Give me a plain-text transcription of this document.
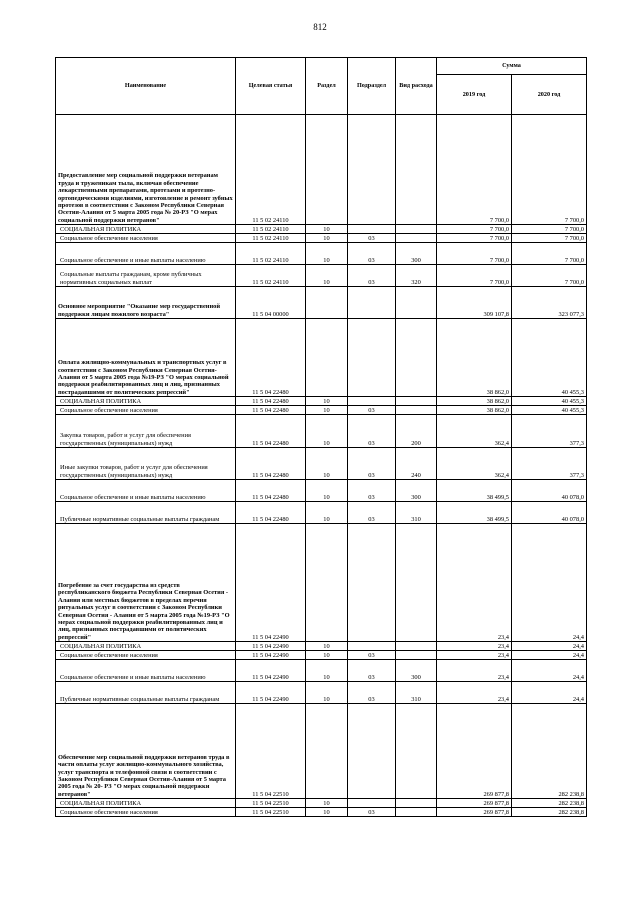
812
Наименование	Целевая статья	Раздел	Подраздел	Вид расхода	Сумма	
					2019 год	2020 год
Предоставление мер социальной поддержки ветеранам труда и труженикам тыла, включая обеспечение лекарственными препаратами, протезами и протезно-ортопедическими изделиями, изготовление и ремонт зубных протезов в соответствии с Законом Республики Северная Осетия-Алания от 5 марта 2005 года № 20-РЗ "О мерах социальной поддержки ветеранов"	11 5 02 24110				7 700,0	7 700,0
СОЦИАЛЬНАЯ ПОЛИТИКА	11 5 02 24110	10			7 700,0	7 700,0
Социальное обеспечение населения	11 5 02 24110	10	03		7 700,0	7 700,0
Социальное обеспечение и иные выплаты населению	11 5 02 24110	10	03	300	7 700,0	7 700,0
Социальные выплаты гражданам, кроме публичных нормативных социальных выплат	11 5 02 24110	10	03	320	7 700,0	7 700,0
Основное мероприятие "Оказание мер государственной поддержки лицам пожилого возраста"	11 5 04 00000				309 107,8	323 077,3
Оплата жилищно-коммунальных и транспортных услуг в соответствии с Законом Республики Северная Осетия-Алания от 5 марта 2005 года №19-РЗ "О мерах социальной поддержки реабилитированных лиц и лиц, признанных пострадавшими от политических репрессий"	11 5 04 22480				38 862,0	40 455,3
СОЦИАЛЬНАЯ ПОЛИТИКА	11 5 04 22480	10			38 862,0	40 455,3
Социальное обеспечение населения	11 5 04 22480	10	03		38 862,0	40 455,3
Закупка товаров, работ и услуг для обеспечения государственных (муниципальных) нужд	11 5 04 22480	10	03	200	362,4	377,3
Иные закупки товаров, работ и услуг для обеспечения государственных (муниципальных) нужд	11 5 04 22480	10	03	240	362,4	377,3
Социальное обеспечение и иные выплаты населению	11 5 04 22480	10	03	300	38 499,5	40 078,0
Публичные нормативные социальные выплаты гражданам	11 5 04 22480	10	03	310	38 499,5	40 078,0
Погребение за счет государства из средств республиканского бюджета Республики Северная Осетия - Алания или местных бюджетов в пределах перечня ритуальных услуг в соответствии с Законом Республики Северная Осетия - Алания от 5 марта 2005 года №19-РЗ "О мерах социальной поддержки реабилитированных лиц и лиц, признанных пострадавшими от политических репрессий"	11 5 04 22490				23,4	24,4
СОЦИАЛЬНАЯ ПОЛИТИКА	11 5 04 22490	10			23,4	24,4
Социальное обеспечение населения	11 5 04 22490	10	03		23,4	24,4
Социальное обеспечение и иные выплаты населению	11 5 04 22490	10	03	300	23,4	24,4
Публичные нормативные социальные выплаты гражданам	11 5 04 22490	10	03	310	23,4	24,4
Обеспечение мер социальной поддержки ветеранов труда в части оплаты услуг жилищно-коммунального хозяйства, услуг транспорта и телефонной связи в соответствии с Законом Республики Северная Осетия-Алания от 5 марта 2005 года № 20- РЗ "О мерах социальной поддержки ветеранов"	11 5 04 22510				269 877,8	282 238,8
СОЦИАЛЬНАЯ ПОЛИТИКА	11 5 04 22510	10			269 877,8	282 238,8
Социальное обеспечение населения	11 5 04 22510	10	03		269 877,8	282 238,8
